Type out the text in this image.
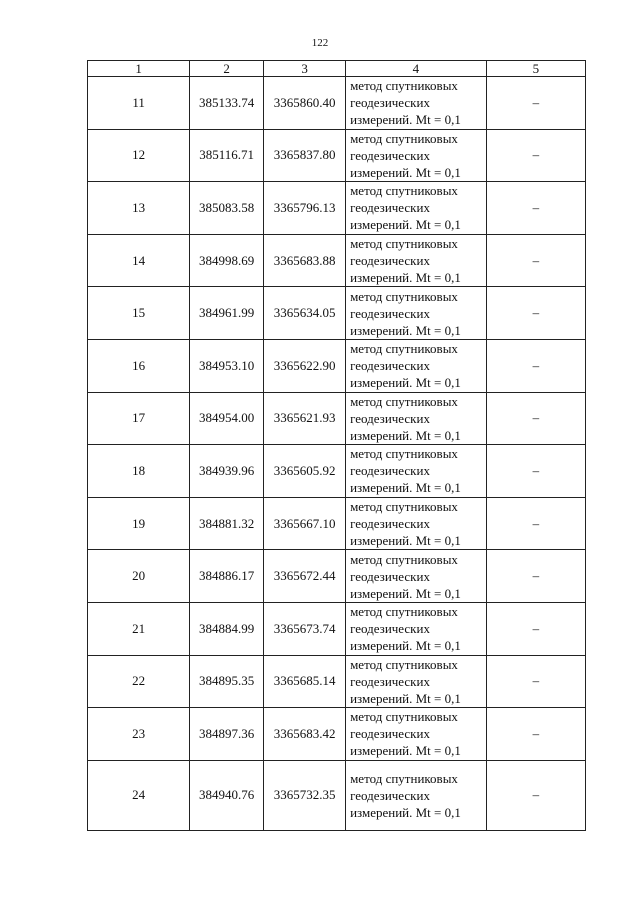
122
1	2	3	4	5
11	385133.74	3365860.40	метод спутниковых
геодезических
измерений. Mt = 0,1	–
12	385116.71	3365837.80	метод спутниковых
геодезических
измерений. Mt = 0,1	–
13	385083.58	3365796.13	метод спутниковых
геодезических
измерений. Mt = 0,1	–
14	384998.69	3365683.88	метод спутниковых
геодезических
измерений. Mt = 0,1	–
15	384961.99	3365634.05	метод спутниковых
геодезических
измерений. Mt = 0,1	–
16	384953.10	3365622.90	метод спутниковых
геодезических
измерений. Mt = 0,1	–
17	384954.00	3365621.93	метод спутниковых
геодезических
измерений. Mt = 0,1	–
18	384939.96	3365605.92	метод спутниковых
геодезических
измерений. Mt = 0,1	–
19	384881.32	3365667.10	метод спутниковых
геодезических
измерений. Mt = 0,1	–
20	384886.17	3365672.44	метод спутниковых
геодезических
измерений. Mt = 0,1	–
21	384884.99	3365673.74	метод спутниковых
геодезических
измерений. Mt = 0,1	–
22	384895.35	3365685.14	метод спутниковых
геодезических
измерений. Mt = 0,1	–
23	384897.36	3365683.42	метод спутниковых
геодезических
измерений. Mt = 0,1	–
24	384940.76	3365732.35	метод спутниковых
геодезических
измерений. Mt = 0,1	–
